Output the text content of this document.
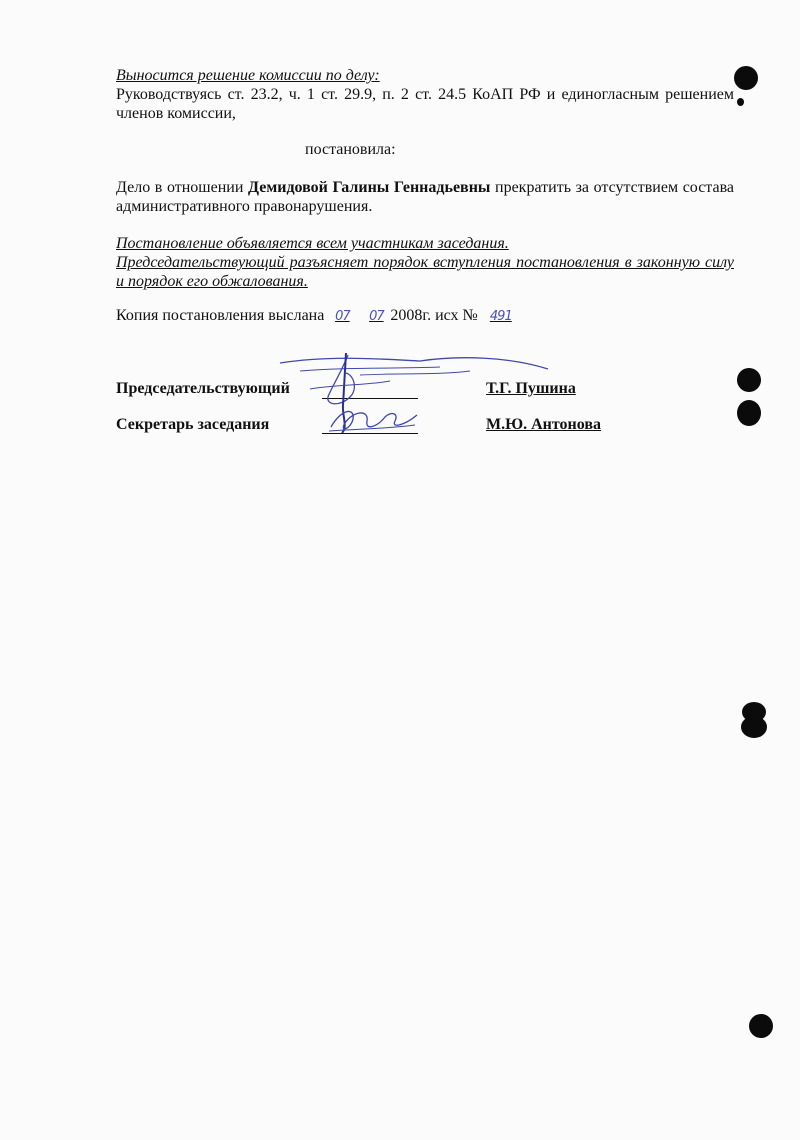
Выносится решение комиссии по делу:
Руководствуясь ст. 23.2, ч. 1 ст. 29.9, п. 2 ст. 24.5 КоАП РФ и единогласным решением
членов комиссии,
постановила:
Дело в отношении Демидовой Галины Геннадьевны прекратить за отсутствием состава
административного правонарушения.
Постановление объявляется всем участникам заседания.
Председательствующий разъясняет порядок вступления постановления в законную силу
и порядок его обжалования.
Копия постановления выслана 07 07 2008г. исх № 491
Председательствующий	Т.Г. Пушина
Секретарь заседания	М.Ю. Антонова
